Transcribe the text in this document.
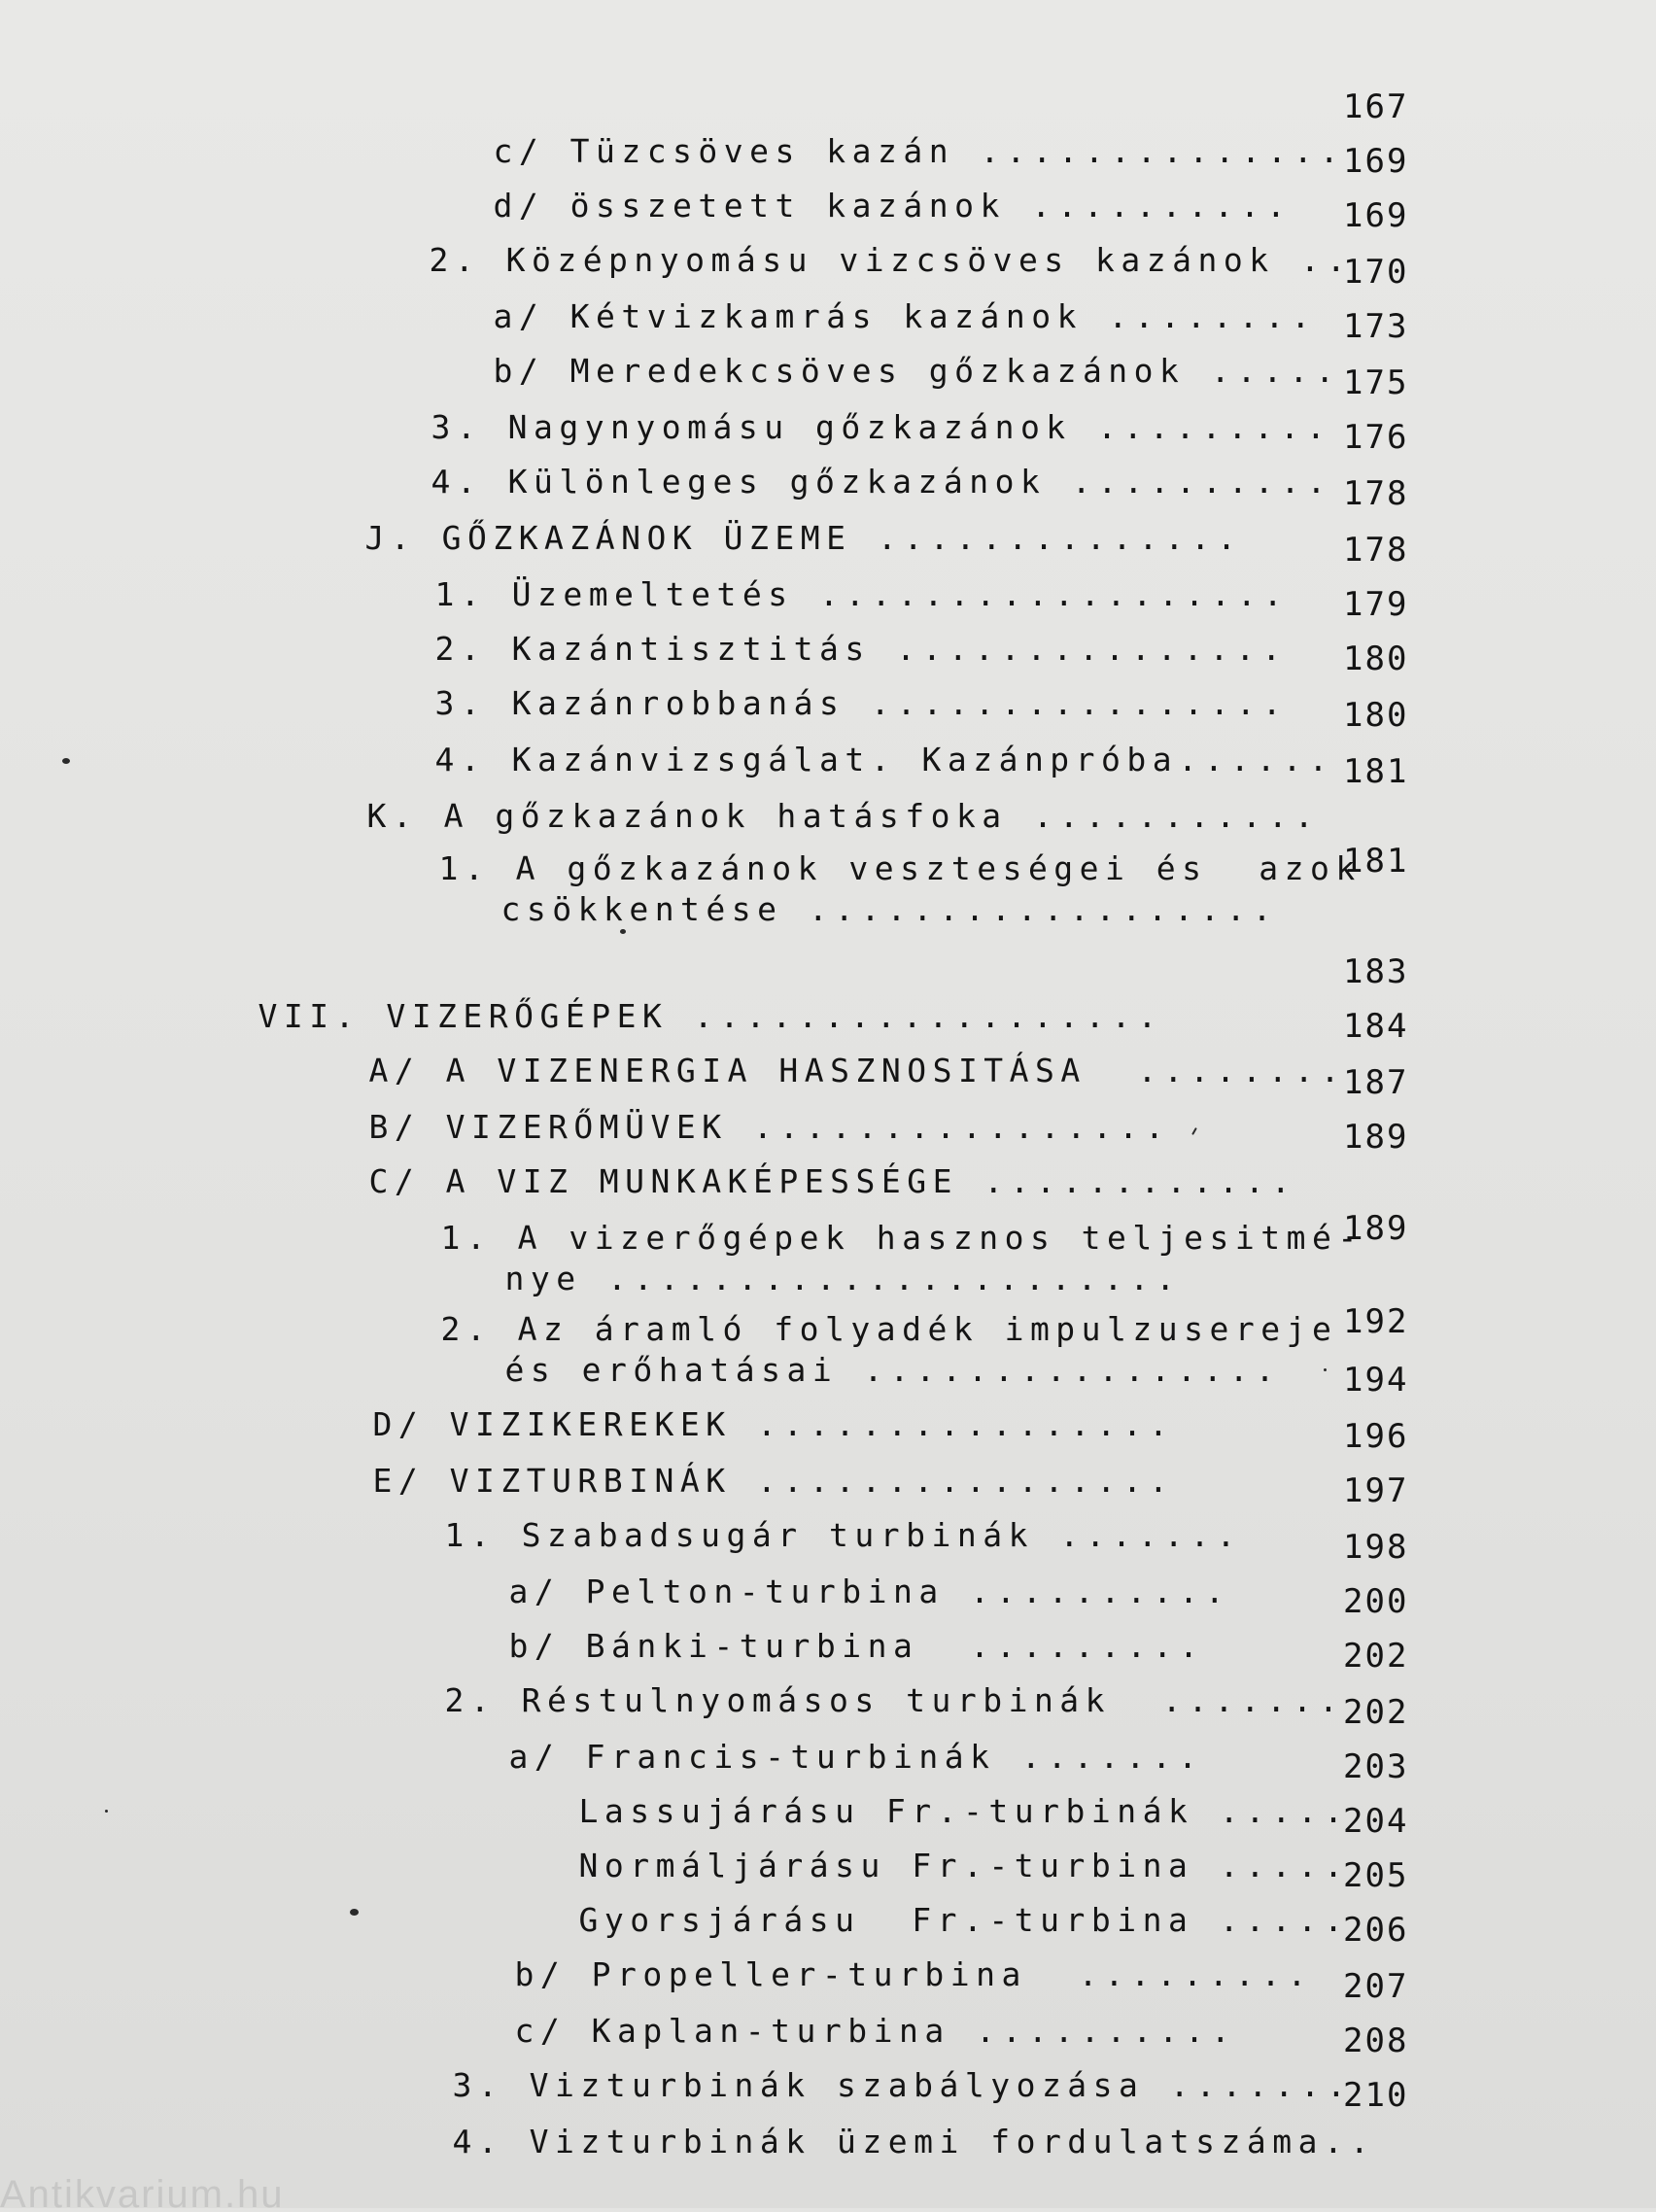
c/ Tüzcsöves kazán ..............

167

d/ összetett kazánok ..........

169

2. Középnyomásu vizcsöves kazánok ..

169

a/ Kétvizkamrás kazánok ........

170

b/ Meredekcsöves gőzkazánok .....

173

3. Nagynyomásu gőzkazánok .........

175

4. Különleges gőzkazánok ..........

176

J. GŐZKAZÁNOK ÜZEME ..............

178

1. Üzemeltetés ..................

178

2. Kazántisztitás ...............

179

3. Kazánrobbanás ................

180

4. Kazánvizsgálat. Kazánpróba......

180

K. A gőzkazánok hatásfoka ...........

181

1. A gőzkazánok veszteségei és  azok

csökkentése ..................

181

VII. VIZERŐGÉPEK ..................

183

A/ A VIZENERGIA HASZNOSITÁSA ........

184

B/ VIZERŐMÜVEK ................

187

C/ A VIZ MUNKAKÉPESSÉGE ............

189

1. A vizerőgépek hasznos teljesitmé-

nye ......................

189

2. Az áramló folyadék impulzusereje

és erőhatásai ................

192

D/ VIZIKEREKEK ................

194

E/ VIZTURBINÁK ................

196

1. Szabadsugár turbinák .......

197

a/ Pelton-turbina ..........

198

b/ Bánki-turbina .........

200

2. Réstulnyomásos turbinák .......

202

a/ Francis-turbinák .......

202

Lassujárásu Fr.-turbinák .....

203

Normáljárásu Fr.-turbina .....

204

Gyorsjárásu  Fr.-turbina .....

205

b/ Propeller-turbina .........

206

c/ Kaplan-turbina ..........

207

3. Vizturbinák szabályozása .......

208

4. Vizturbinák üzemi fordulatszáma..

210
Antikvarium.hu
